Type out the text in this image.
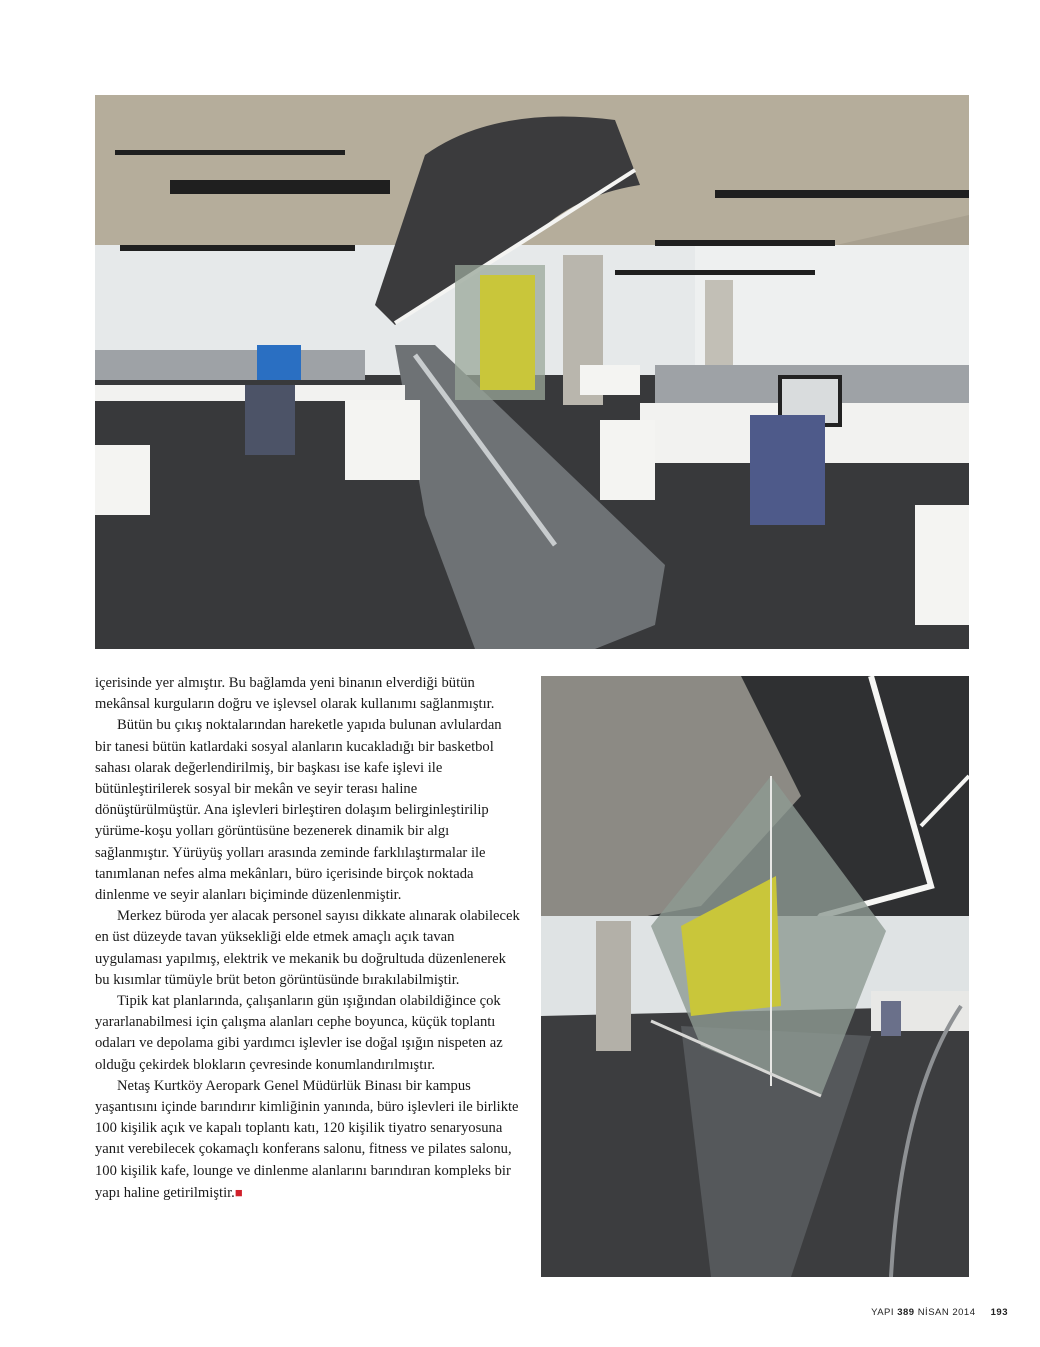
içerisinde yer almıştır. Bu bağlamda yeni binanın elverdiği bütün mekânsal kurguların doğru ve işlevsel olarak kullanımı sağlanmıştır.

Bütün bu çıkış noktalarından hareketle yapıda bulunan avlulardan bir tanesi bütün katlardaki sosyal alanların kucakladığı bir basketbol sahası olarak değerlendirilmiş, bir başkası ise kafe işlevi ile bütünleştirilerek sosyal bir mekân ve seyir terası haline dönüştürülmüştür. Ana işlevleri birleştiren dolaşım belirginleştirilip yürüme-koşu yolları görüntüsüne bezenerek dinamik bir algı sağlanmıştır. Yürüyüş yolları arasında zeminde farklılaştırmalar ile tanımlanan nefes alma mekânları, büro içerisinde birçok noktada dinlenme ve seyir alanları biçiminde düzenlenmiştir.

Merkez büroda yer alacak personel sayısı dikkate alınarak olabilecek en üst düzeyde tavan yüksekliği elde etmek amaçlı açık tavan uygulaması yapılmış, elektrik ve mekanik bu doğrultuda düzenlenerek bu kısımlar tümüyle brüt beton görüntüsünde bırakılabilmiştir.

Tipik kat planlarında, çalışanların gün ışığından olabildiğince çok yararlanabilmesi için çalışma alanları cephe boyunca, küçük toplantı odaları ve depolama gibi yardımcı işlevler ise doğal ışığın nispeten az olduğu çekirdek blokların çevresinde konumlandırılmıştır.

Netaş Kurtköy Aeropark Genel Müdürlük Binası bir kampus yaşantısını içinde barındırır kimliğinin yanında, büro işlevleri ile birlikte 100 kişilik açık ve kapalı toplantı katı, 120 kişilik tiyatro senaryosuna yanıt verebilecek çokamaçlı konferans salonu, fitness ve pilates salonu, 100 kişilik kafe, lounge ve dinlenme alanlarını barındıran kompleks bir yapı haline getirilmiştir.■

YAPI 389 NİSAN 2014 193
